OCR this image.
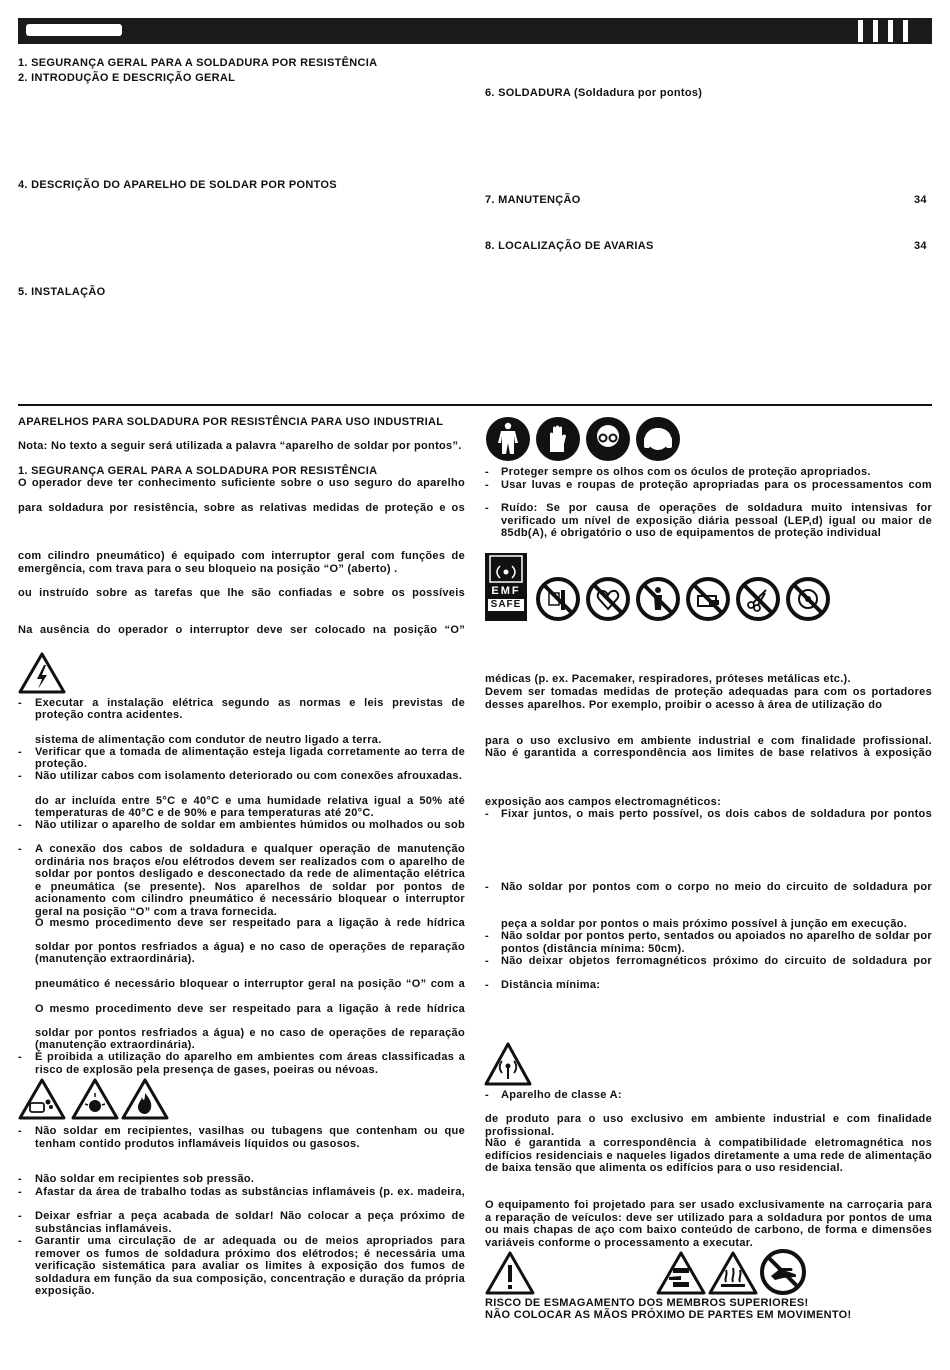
1. SEGURANÇA GERAL PARA A SOLDADURA POR RESISTÊNCIA
2. INTRODUÇÃO E DESCRIÇÃO GERAL
4. DESCRIÇÃO DO APARELHO DE SOLDAR POR PONTOS
5. INSTALAÇÃO
6. SOLDADURA (Soldadura por pontos)
7. MANUTENÇÃO	34
8. LOCALIZAÇÃO DE AVARIAS	34
APARELHOS PARA SOLDADURA POR RESISTÊNCIA PARA USO INDUSTRIAL
Nota: No texto a seguir será utilizada a palavra “aparelho de soldar por pontos”.
1. SEGURANÇA GERAL PARA A SOLDADURA POR RESISTÊNCIA
O operador deve ter conhecimento suficiente sobre o uso seguro do aparelho
para soldadura por resistência, sobre as relativas medidas de proteção e os
com cilindro pneumático) é equipado com interruptor geral com funções de
emergência, com trava para o seu bloqueio na posição “O” (aberto) .
ou instruído sobre as tarefas que lhe são confiadas e sobre os possíveis
Na ausência do operador o interruptor deve ser colocado na posição “O”
- Executar a instalação elétrica segundo as normas e leis previstas de
proteção contra acidentes.
sistema de alimentação com condutor de neutro ligado a terra.
- Verificar que a tomada de alimentação esteja ligada corretamente ao terra de
proteção.
- Não utilizar cabos com isolamento deteriorado ou com conexões afrouxadas.
do ar incluída entre 5°C e 40°C e uma humidade relativa igual a 50% até
temperaturas de 40°C e de 90% e para temperaturas até 20°C.
- Não utilizar o aparelho de soldar em ambientes húmidos ou molhados ou sob
- A conexão dos cabos de soldadura e qualquer operação de manutenção ordinária nos braços e/ou elétrodos devem ser realizados com o aparelho de soldar por pontos desligado e desconectado da rede de alimentação elétrica e pneumática (se presente). Nos aparelhos de soldar por pontos de acionamento com cilindro pneumático é necessário bloquear o interruptor geral na posição “O” com a trava fornecida.
O mesmo procedimento deve ser respeitado para a ligação à rede hídrica
soldar por pontos resfriados a água) e no caso de operações de reparação
(manutenção extraordinária).
pneumático é necessário bloquear o interruptor geral na posição “O” com a
O mesmo procedimento deve ser respeitado para a ligação à rede hídrica
soldar por pontos resfriados a água) e no caso de operações de reparação
(manutenção extraordinária).
- É proibida a utilização do aparelho em ambientes com áreas classificadas a risco de explosão pela presença de gases, poeiras ou névoas.
- Não soldar em recipientes, vasilhas ou tubagens que contenham ou que tenham contido produtos inflamáveis líquidos ou gasosos.
- Não soldar em recipientes sob pressão.
- Afastar da área de trabalho todas as substâncias inflamáveis (p. ex. madeira,
- Deixar esfriar a peça acabada de soldar! Não colocar a peça próximo de substâncias inflamáveis.
- Garantir uma circulação de ar adequada ou de meios apropriados para remover os fumos de soldadura próximo dos elétrodos; é necessária uma verificação sistemática para avaliar os limites à exposição dos fumos de soldadura em função da sua composição, concentração e duração da própria exposição.
- Proteger sempre os olhos com os óculos de proteção apropriados.
- Usar luvas e roupas de proteção apropriadas para os processamentos com
- Ruído: Se por causa de operações de soldadura muito intensivas for verificado um nível de exposição diária pessoal (LEP,d) igual ou maior de 85db(A), é obrigatório o uso de equipamentos de proteção individual
EMF
SAFE
médicas (p. ex. Pacemaker, respiradores, próteses metálicas etc.).
Devem ser tomadas medidas de proteção adequadas para com os portadores desses aparelhos. Por exemplo, proibir o acesso à área de utilização do
para o uso exclusivo em ambiente industrial e com finalidade profissional.
Não é garantida a correspondência aos limites de base relativos à exposição
exposição aos campos electromagnéticos:
- Fixar juntos, o mais perto possível, os dois cabos de soldadura por pontos
- Não soldar por pontos com o corpo no meio do circuito de soldadura por
peça a soldar por pontos o mais próximo possível à junção em execução.
- Não soldar por pontos perto, sentados ou apoiados no aparelho de soldar por pontos (distância mínima: 50cm).
- Não deixar objetos ferromagnéticos próximo do circuito de soldadura por
- Distância mínima:
- Aparelho de classe A:
de produto para o uso exclusivo em ambiente industrial e com finalidade profissional.
Não é garantida a correspondência à compatibilidade eletromagnética nos edifícios residenciais e naqueles ligados diretamente a uma rede de alimentação de baixa tensão que alimenta os edifícios para o uso residencial.
O equipamento foi projetado para ser usado exclusivamente na carroçaria para a reparação de veículos: deve ser utilizado para a soldadura por pontos de uma ou mais chapas de aço com baixo conteúdo de carbono, de forma e dimensões variáveis conforme o processamento a executar.
RISCO DE ESMAGAMENTO DOS MEMBROS SUPERIORES!
NÃO COLOCAR AS MÃOS PRÓXIMO DE PARTES EM MOVIMENTO!
